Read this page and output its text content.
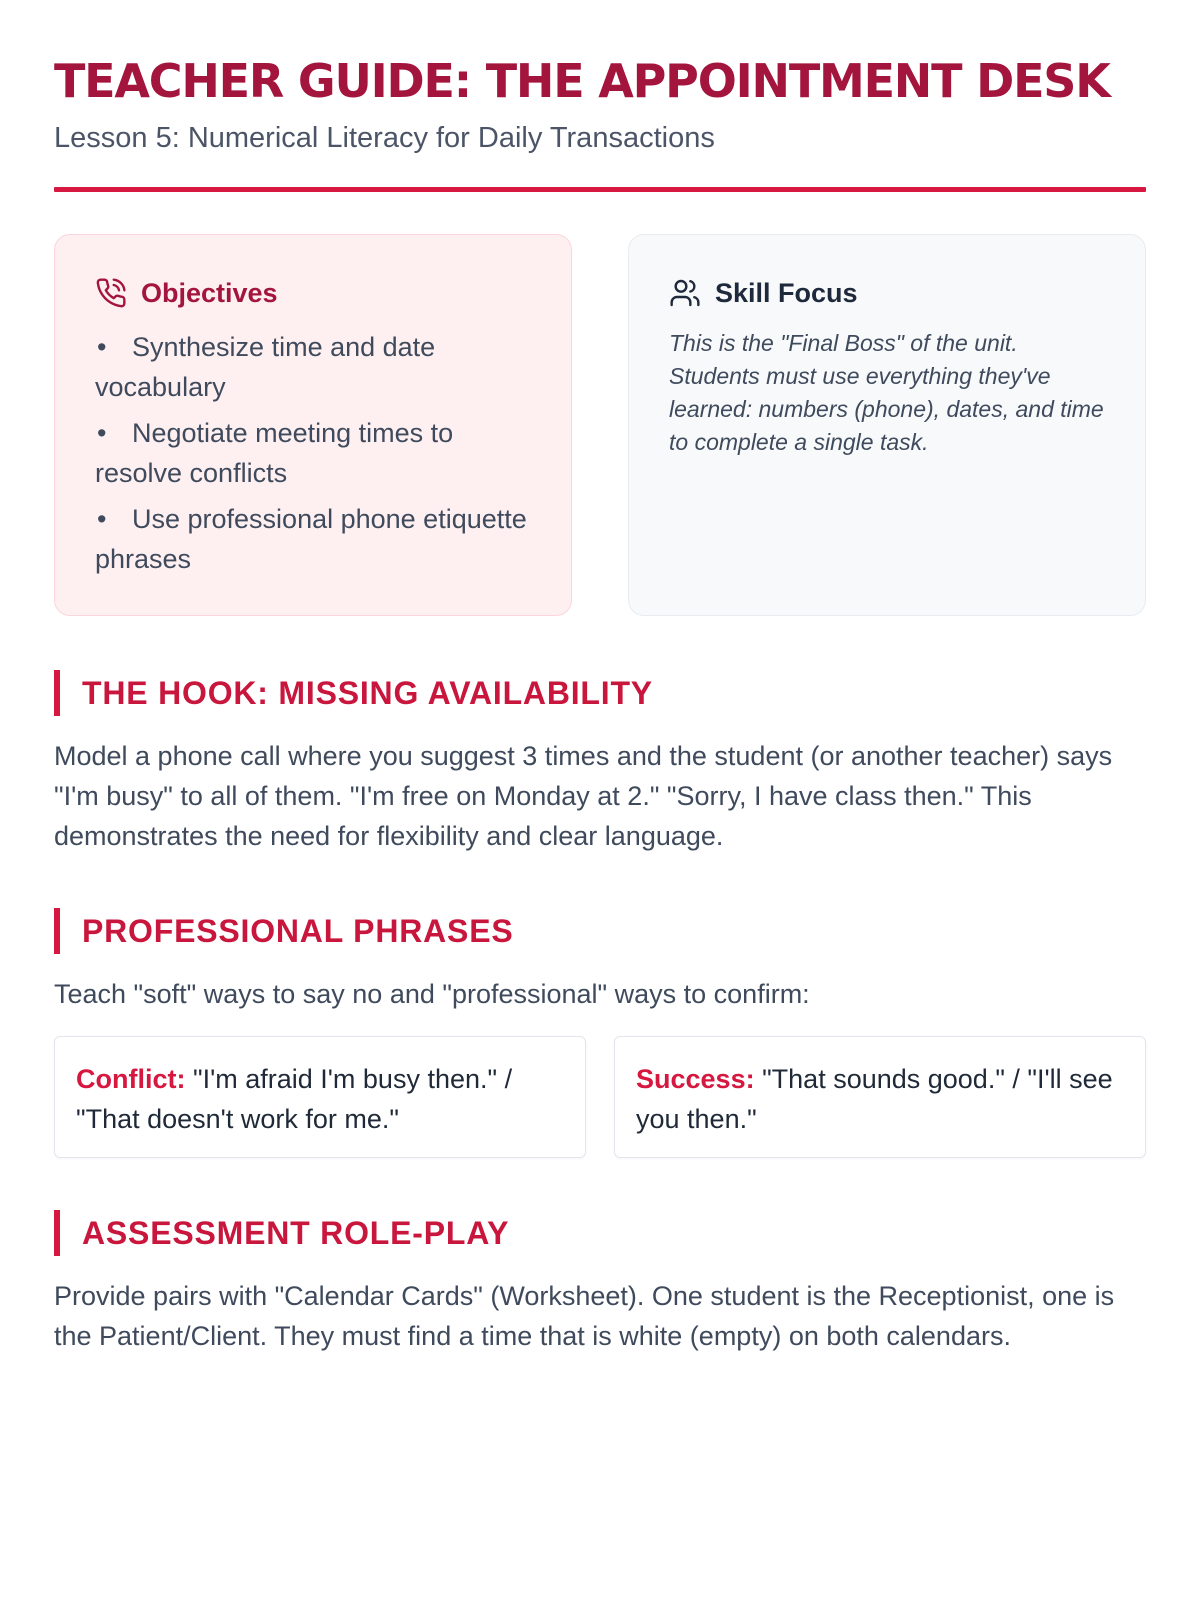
TEACHER GUIDE: THE APPOINTMENT DESK
Lesson 5: Numerical Literacy for Daily Transactions
Objectives
• Synthesize time and date vocabulary
• Negotiate meeting times to resolve conflicts
• Use professional phone etiquette phrases
Skill Focus

This is the "Final Boss" of the unit. Students must use everything they've learned: numbers (phone), dates, and time to complete a single task.

THE HOOK: MISSING AVAILABILITY

Model a phone call where you suggest 3 times and the student (or another teacher) says "I'm busy" to all of them. "I'm free on Monday at 2." "Sorry, I have class then." This demonstrates the need for flexibility and clear language.

PROFESSIONAL PHRASES

Teach "soft" ways to say no and "professional" ways to confirm:

Conflict: "I'm afraid I'm busy then." / "That doesn't work for me."
Success: "That sounds good." / "I'll see you then."
ASSESSMENT ROLE-PLAY

Provide pairs with "Calendar Cards" (Worksheet). One student is the Receptionist, one is the Patient/Client. They must find a time that is white (empty) on both calendars.
